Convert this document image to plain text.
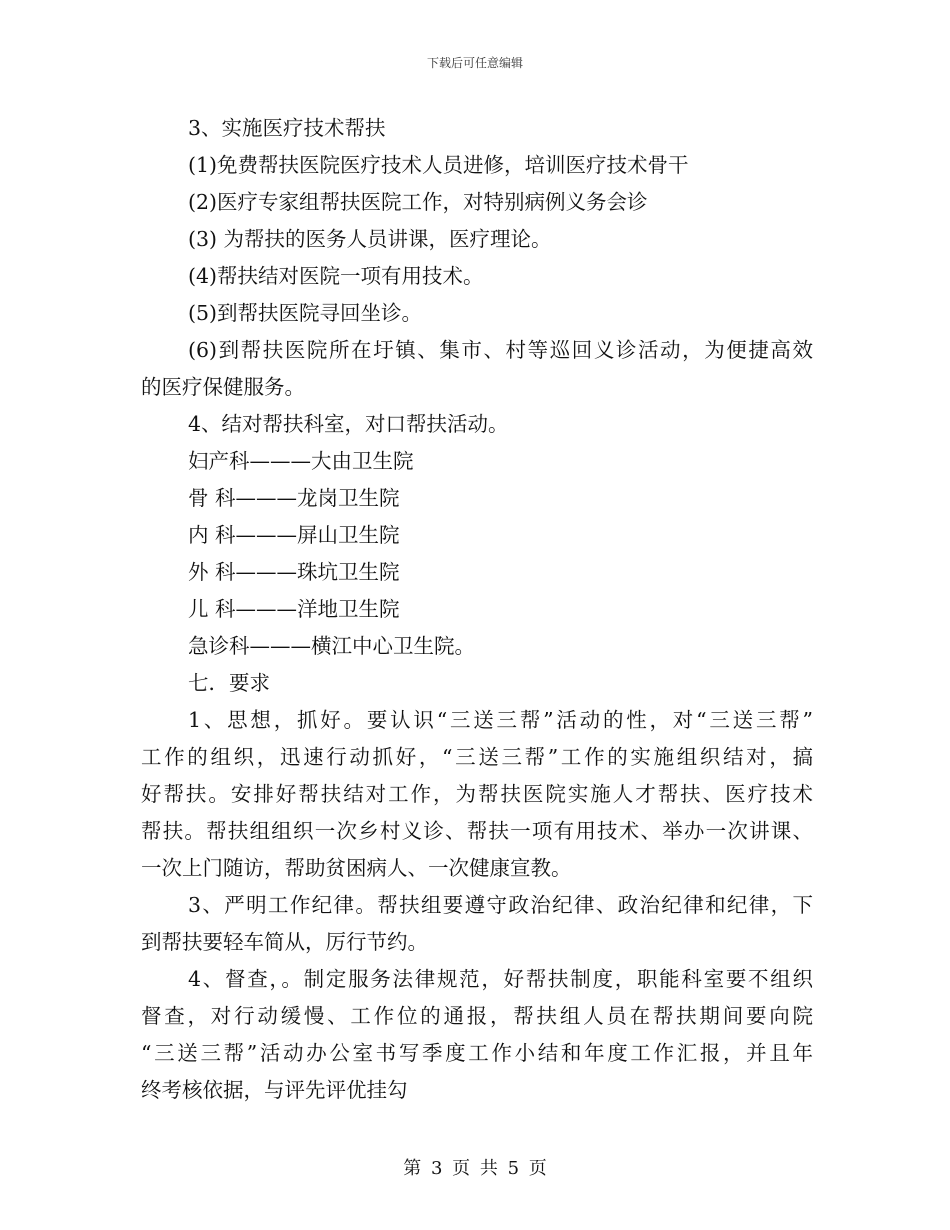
下载后可任意编辑
3、实施医疗技术帮扶
(1)免费帮扶医院医疗技术人员进修，培训医疗技术骨干
(2)医疗专家组帮扶医院工作，对特别病例义务会诊
(3) 为帮扶的医务人员讲课，医疗理论。
(4)帮扶结对医院一项有用技术。
(5)到帮扶医院寻回坐诊。
(6)到帮扶医院所在圩镇、集市、村等巡回义诊活动，为便捷高效
的医疗保健服务。
4、结对帮扶科室，对口帮扶活动。
妇产科———大由卫生院
骨 科———龙岗卫生院
内 科———屏山卫生院
外 科———珠坑卫生院
儿 科———洋地卫生院
急诊科———横江中心卫生院。
七．要求
1、思想，抓好。要认识“三送三帮”活动的性，对“三送三帮”
工作的组织，迅速行动抓好，“三送三帮”工作的实施组织结对，搞
好帮扶。安排好帮扶结对工作，为帮扶医院实施人才帮扶、医疗技术
帮扶。帮扶组组织一次乡村义诊、帮扶一项有用技术、举办一次讲课、
一次上门随访，帮助贫困病人、一次健康宣教。
3、严明工作纪律。帮扶组要遵守政治纪律、政治纪律和纪律，下
到帮扶要轻车简从，厉行节约。
4、督查，。制定服务法律规范，好帮扶制度，职能科室要不组织
督查，对行动缓慢、工作位的通报，帮扶组人员在帮扶期间要向院
“三送三帮”活动办公室书写季度工作小结和年度工作汇报，并且年
终考核依据，与评先评优挂勾
第 3 页 共 5 页
